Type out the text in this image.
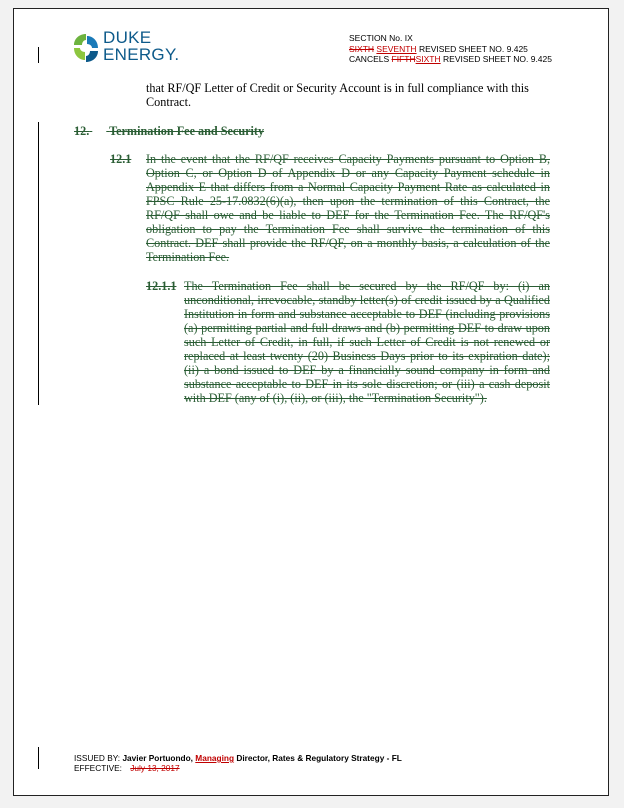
DUKE
ENERGY.
SECTION No. IX
SIXTH SEVENTH REVISED SHEET NO. 9.425
CANCELS FIFTHSIXTH REVISED SHEET NO. 9.425
that RF/QF Letter of Credit or Security Account is in full compliance with this Contract.
12. Termination Fee and Security
12.1 In the event that the RF/QF receives Capacity Payments pursuant to Option B, Option C, or Option D of Appendix D or any Capacity Payment schedule in Appendix E that differs from a Normal Capacity Payment Rate as calculated in FPSC Rule 25-17.0832(6)(a), then upon the termination of this Contract, the RF/QF shall owe and be liable to DEF for the Termination Fee. The RF/QF's obligation to pay the Termination Fee shall survive the termination of this Contract. DEF shall provide the RF/QF, on a monthly basis, a calculation of the Termination Fee.
12.1.1 The Termination Fee shall be secured by the RF/QF by: (i) an unconditional, irrevocable, standby letter(s) of credit issued by a Qualified Institution in form and substance acceptable to DEF (including provisions (a) permitting partial and full draws and (b) permitting DEF to draw upon such Letter of Credit, in full, if such Letter of Credit is not renewed or replaced at least twenty (20) Business Days prior to its expiration date); (ii) a bond issued to DEF by a financially sound company in form and substance acceptable to DEF in its sole discretion; or (iii) a cash deposit with DEF (any of (i), (ii), or (iii), the "Termination Security").
ISSUED BY: Javier Portuondo, Managing Director, Rates & Regulatory Strategy - FL
EFFECTIVE: July 13, 2017
